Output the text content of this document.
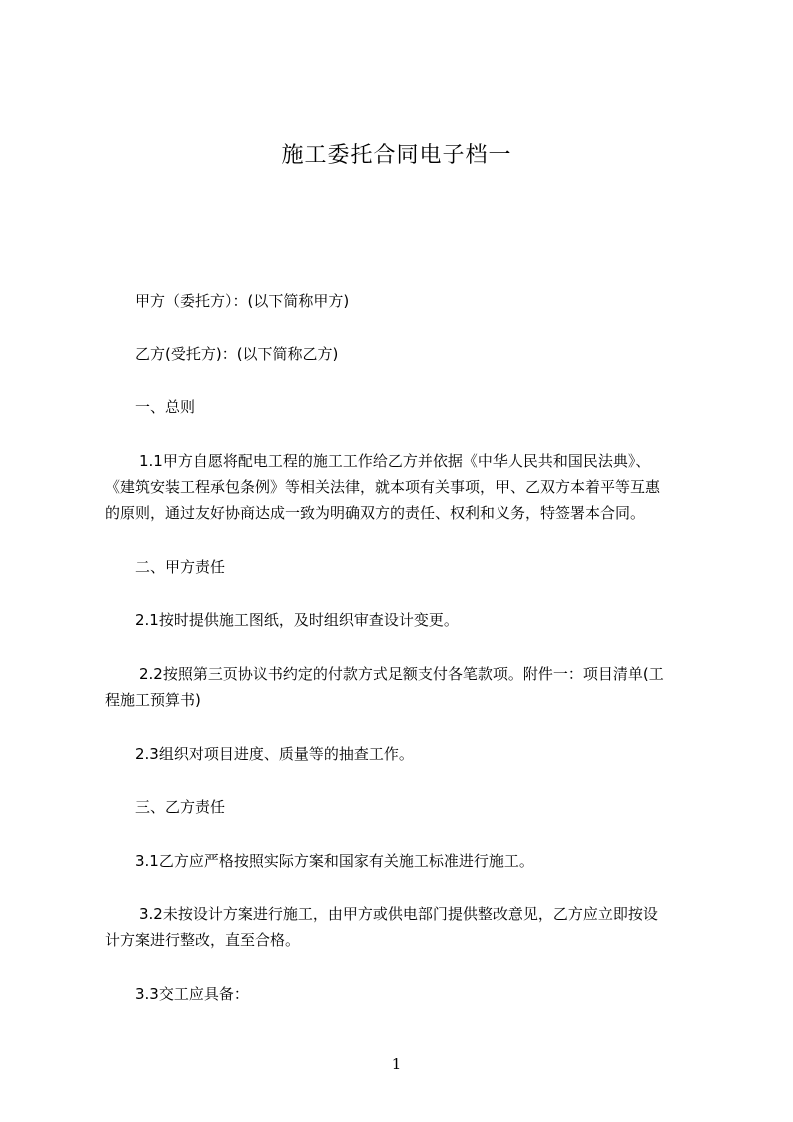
施工委托合同电子档一
甲方（委托方）：(以下简称甲方)
乙方(受托方)：(以下简称乙方)
一、总则
1.1甲方自愿将配电工程的施工工作给乙方并依据《中华人民共和国民法典》、
《建筑安装工程承包条例》等相关法律，就本项有关事项，甲、乙双方本着平等互惠
的原则，通过友好协商达成一致为明确双方的责任、权利和义务，特签署本合同。
二、甲方责任
2.1按时提供施工图纸，及时组织审查设计变更。
2.2按照第三页协议书约定的付款方式足额支付各笔款项。附件一：项目清单(工
程施工预算书)
2.3组织对项目进度、质量等的抽查工作。
三、乙方责任
3.1乙方应严格按照实际方案和国家有关施工标准进行施工。
3.2未按设计方案进行施工，由甲方或供电部门提供整改意见，乙方应立即按设
计方案进行整改，直至合格。
3.3交工应具备：
1
